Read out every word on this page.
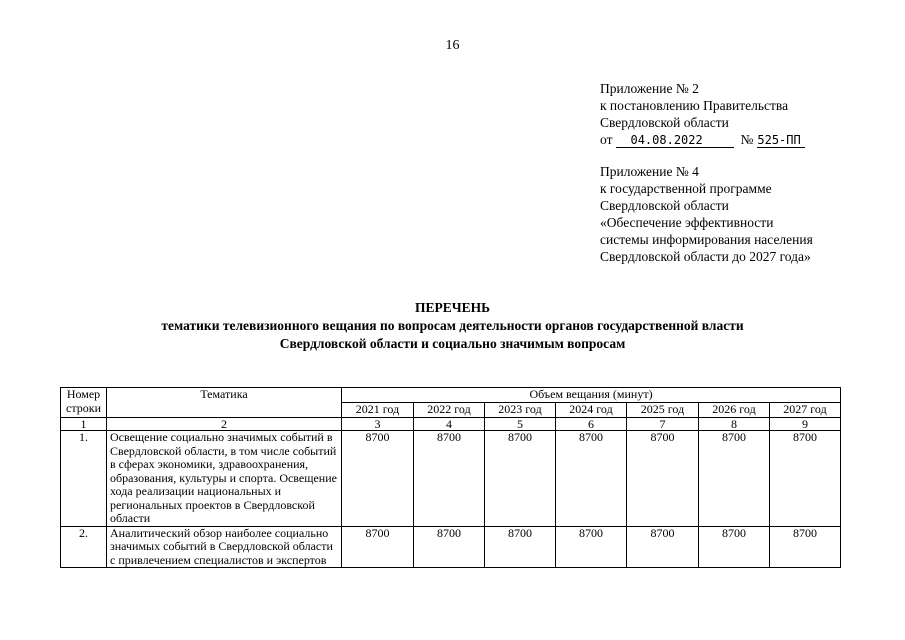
16
Приложение № 2
к постановлению Правительства
Свердловской области
от	04.08.2022	№ 525-ПП
Приложение № 4
к государственной программе
Свердловской области
«Обеспечение эффективности
системы информирования населения
Свердловской области до 2027 года»
ПЕРЕЧЕНЬ
тематики телевизионного вещания по вопросам деятельности органов государственной власти
Свердловской области и социально значимым вопросам
Номер строки	Тематика	Объем вещания (минут)						
		2021 год	2022 год	2023 год	2024 год	2025 год	2026 год	2027 год
1	2	3	4	5	6	7	8	9
1.	Освещение социально значимых событий в Свердловской области, в том числе событий в сферах экономики, здравоохранения, образования, культуры и спорта. Освещение хода реализации национальных и региональных проектов в Свердловской области	8700	8700	8700	8700	8700	8700	8700
2.	Аналитический обзор наиболее социально значимых событий в Свердловской области с привлечением специалистов и экспертов	8700	8700	8700	8700	8700	8700	8700
